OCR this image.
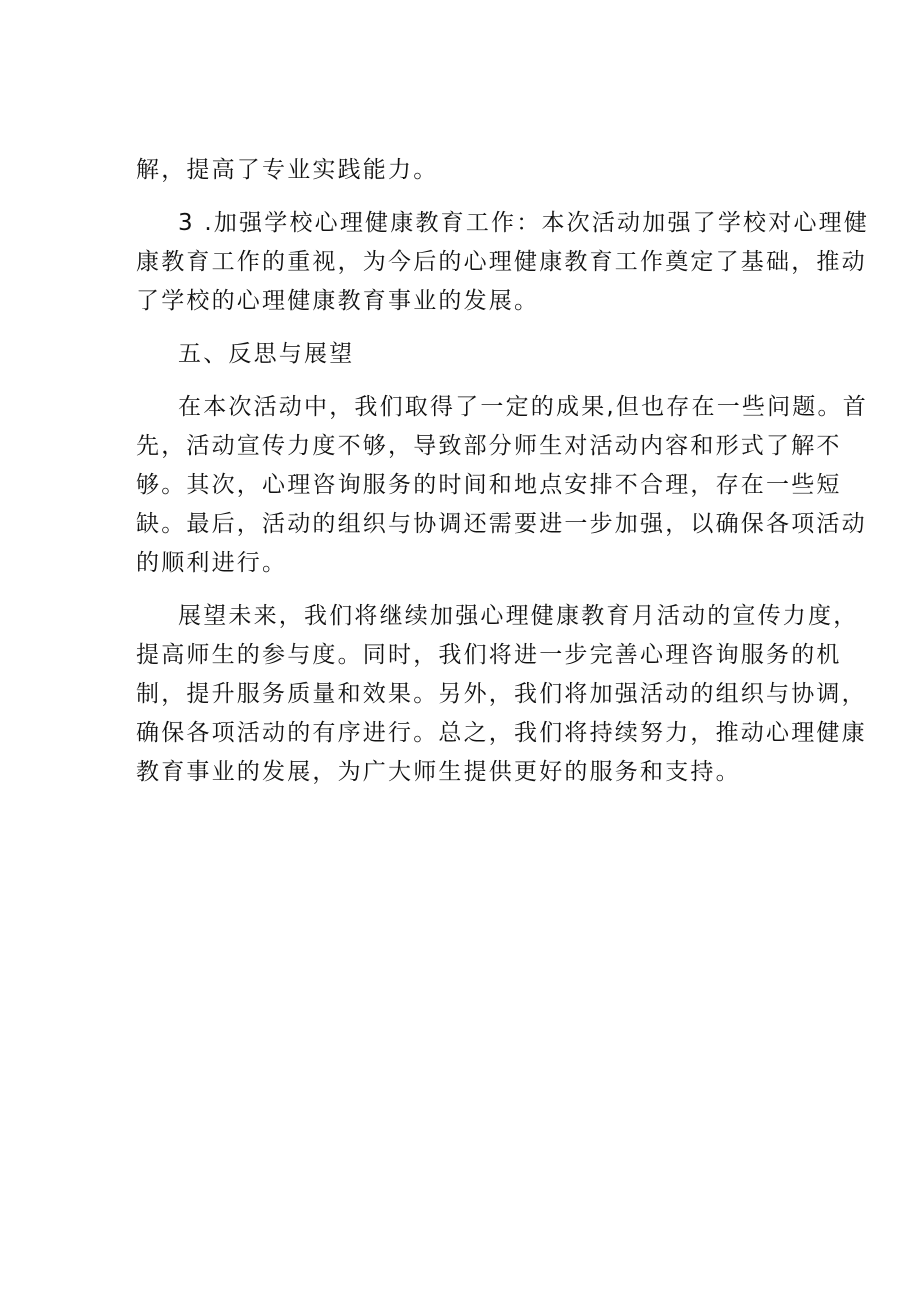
解，提高了专业实践能力。
3 .加强学校心理健康教育工作：本次活动加强了学校对心理健
康教育工作的重视，为今后的心理健康教育工作奠定了基础，推动
了学校的心理健康教育事业的发展。
五、反思与展望
在本次活动中，我们取得了一定的成果,但也存在一些问题。首
先，活动宣传力度不够，导致部分师生对活动内容和形式了解不
够。其次，心理咨询服务的时间和地点安排不合理，存在一些短
缺。最后，活动的组织与协调还需要进一步加强，以确保各项活动
的顺利进行。
展望未来，我们将继续加强心理健康教育月活动的宣传力度，
提高师生的参与度。同时，我们将进一步完善心理咨询服务的机
制，提升服务质量和效果。另外，我们将加强活动的组织与协调，
确保各项活动的有序进行。总之，我们将持续努力，推动心理健康
教育事业的发展，为广大师生提供更好的服务和支持。
